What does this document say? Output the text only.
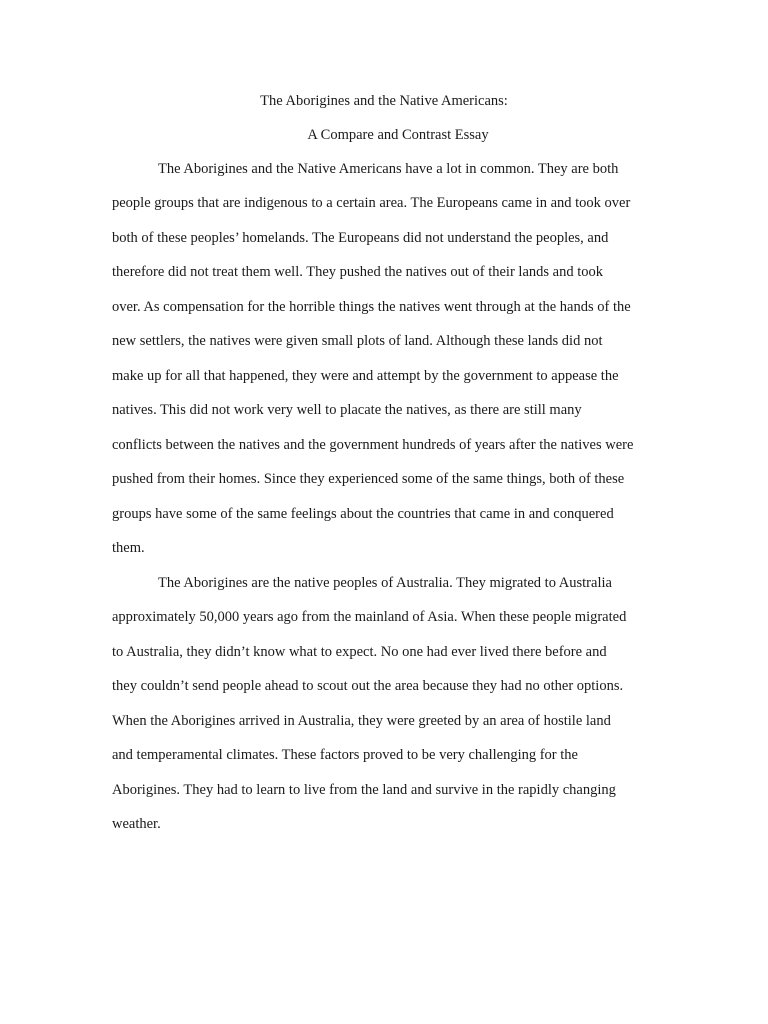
The Aborigines and the Native Americans:
A Compare and Contrast Essay
The Aborigines and the Native Americans have a lot in common. They are both
people groups that are indigenous to a certain area. The Europeans came in and took over
both of these peoples’ homelands. The Europeans did not understand the peoples, and
therefore did not treat them well. They pushed the natives out of their lands and took
over. As compensation for the horrible things the natives went through at the hands of the
new settlers, the natives were given small plots of land. Although these lands did not
make up for all that happened, they were and attempt by the government to appease the
natives. This did not work very well to placate the natives, as there are still many
conflicts between the natives and the government hundreds of years after the natives were
pushed from their homes. Since they experienced some of the same things, both of these
groups have some of the same feelings about the countries that came in and conquered
them.
The Aborigines are the native peoples of Australia. They migrated to Australia
approximately 50,000 years ago from the mainland of Asia. When these people migrated
to Australia, they didn’t know what to expect. No one had ever lived there before and
they couldn’t send people ahead to scout out the area because they had no other options.
When the Aborigines arrived in Australia, they were greeted by an area of hostile land
and temperamental climates. These factors proved to be very challenging for the
Aborigines. They had to learn to live from the land and survive in the rapidly changing
weather.
